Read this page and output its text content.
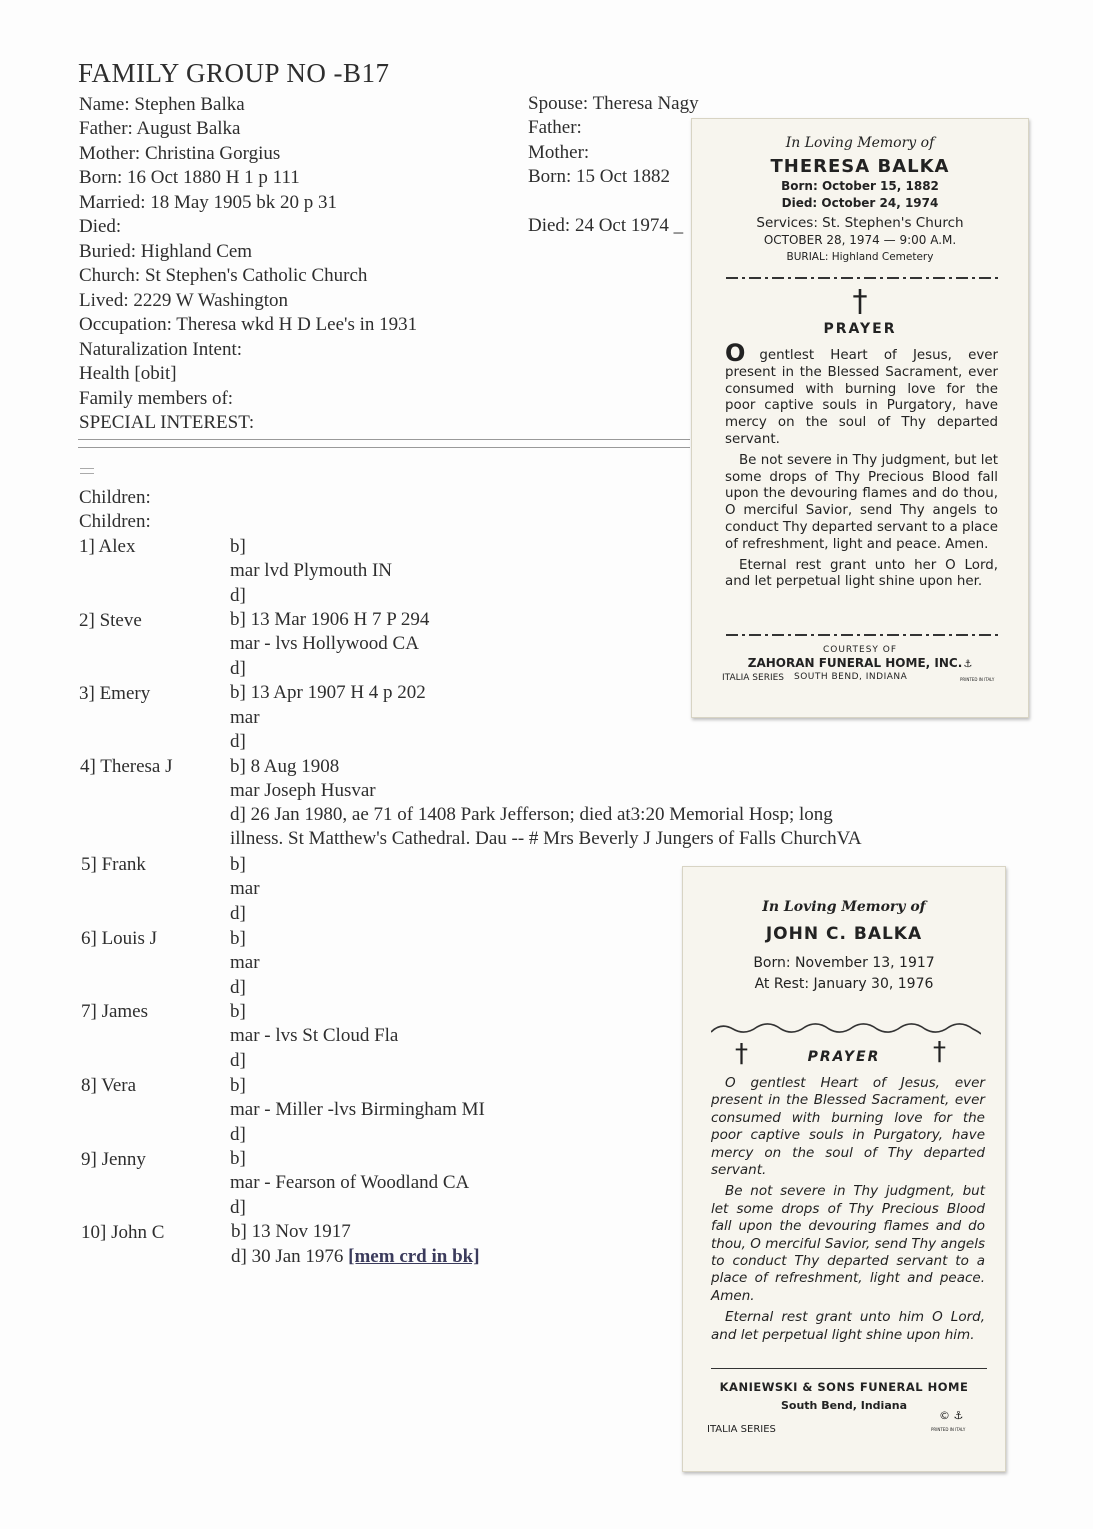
FAMILY GROUP NO -B17
Name: Stephen Balka
Father: August Balka
Mother: Christina Gorgius
Born: 16 Oct 1880 H 1 p 111
Married: 18 May 1905 bk 20 p 31
Died:
Buried: Highland Cem
Church: St Stephen's Catholic Church
Lived: 2229 W Washington
Occupation: Theresa wkd H D Lee's in 1931
Naturalization Intent:
Health [obit]
Family members of:
SPECIAL INTEREST:
Spouse: Theresa Nagy
Father:
Mother:
Born: 15 Oct 1882
Died: 24 Oct 1974 _
Children:
Children:
1] Alex	b]
mar lvd Plymouth IN
d]
2] Steve	b] 13 Mar 1906 H 7 P 294
mar - lvs Hollywood CA
d]
3] Emery	b] 13 Apr 1907 H 4 p 202
mar
d]
4] Theresa J	b] 8 Aug 1908
mar Joseph Husvar
d] 26 Jan 1980, ae 71 of 1408 Park Jefferson; died at3:20 Memorial Hosp; long
illness. St Matthew's Cathedral. Dau -- # Mrs Beverly J Jungers of Falls ChurchVA
5] Frank	b]
mar
d]
6] Louis J	b]
mar
d]
7] James	b]
mar - lvs St Cloud Fla
d]
8] Vera	b]
mar - Miller -lvs Birmingham MI
d]
9] Jenny	b]
mar - Fearson of Woodland CA
d]
10] John C	b] 13 Nov 1917
d] 30 Jan 1976 [mem crd in bk]
In Loving Memory of
THERESA BALKA
Born: October 15, 1882
Died: October 24, 1974
Services: St. Stephen's Church
OCTOBER 28, 1974 — 9:00 A.M.
BURIAL: Highland Cemetery
†
PRAYER

O gentlest Heart of Jesus, ever present in the Blessed Sacrament, ever consumed with burning love for the poor captive souls in Purgatory, have mercy on the soul of Thy departed servant.

Be not severe in Thy judgment, but let some drops of Thy Precious Blood fall upon the devouring flames and do thou, O merciful Savior, send Thy angels to conduct Thy departed servant to a place of refreshment, light and peace. Amen.

Eternal rest grant unto her O Lord, and let perpetual light shine upon her.

COURTESY OF
ZAHORAN FUNERAL HOME, INC.⚓
ITALIA SERIES SOUTH BEND, INDIANA	PRINTED IN ITALY
In Loving Memory of
JOHN C. BALKA
Born: November 13, 1917
At Rest: January 30, 1976
†	†
PRAYER

O gentlest Heart of Jesus, ever present in the Blessed Sacrament, ever consumed with burning love for the poor captive souls in Purgatory, have mercy on the soul of Thy departed servant.

Be not severe in Thy judgment, but let some drops of Thy Precious Blood fall upon the devouring flames and do thou, O merciful Savior, send Thy angels to conduct Thy departed servant to a place of refreshment, light and peace. Amen.

Eternal rest grant unto him O Lord, and let perpetual light shine upon him.

KANIEWSKI & SONS FUNERAL HOME
South Bend, Indiana
© ⚓
ITALIA SERIES	PRINTED IN ITALY
